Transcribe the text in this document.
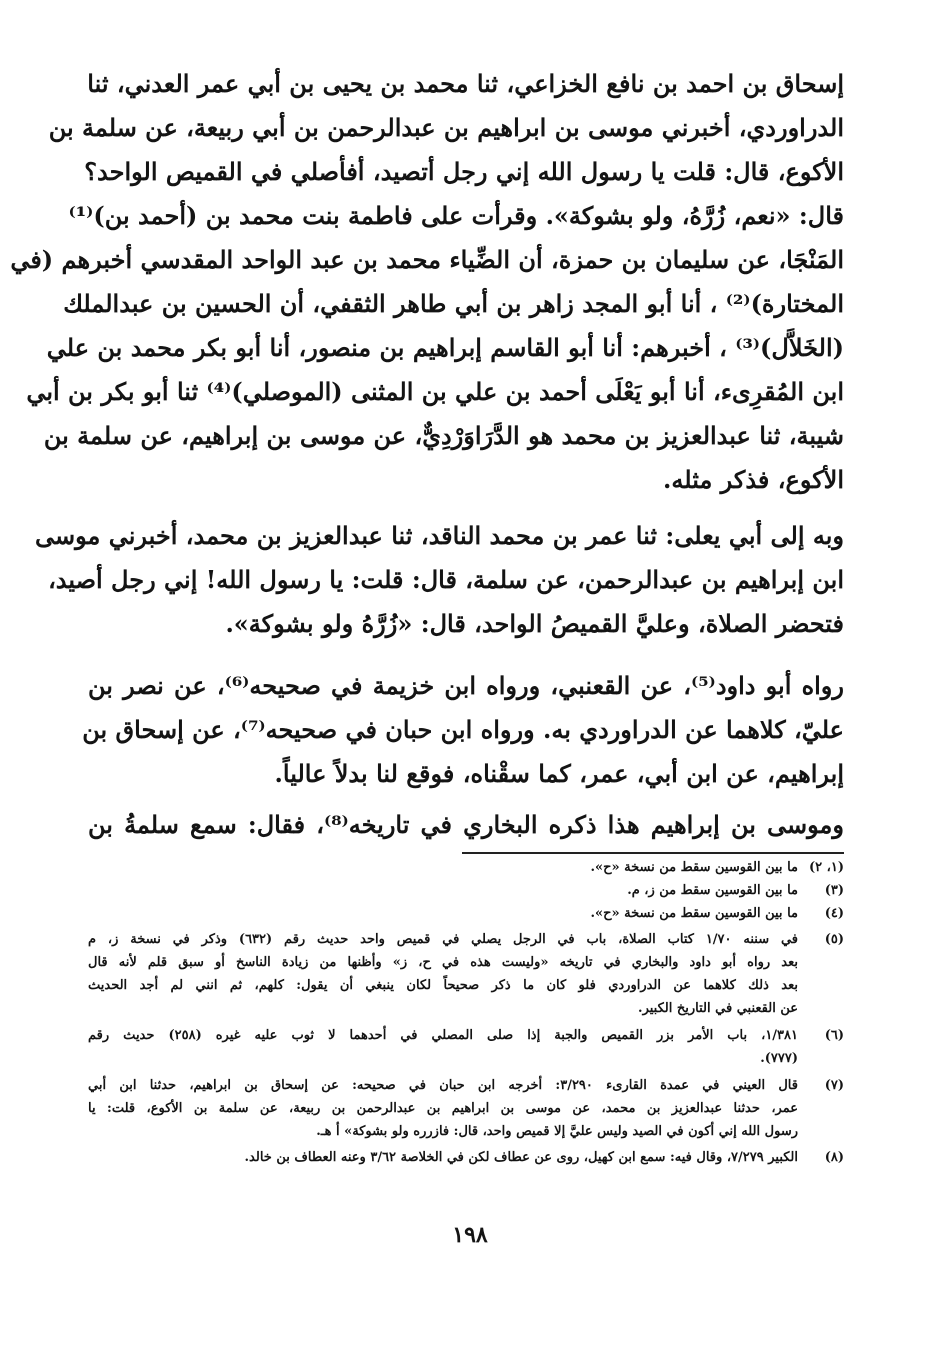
إسحاق بن احمد بن نافع الخزاعي، ثنا محمد بن يحيى بن أبي عمر العدني، ثنا
الدراوردي، أخبرني موسى بن ابراهيم بن عبدالرحمن بن أبي ربيعة، عن سلمة بن
الأكوع، قال: قلت يا رسول الله إني رجل أتصيد، أفأصلي في القميص الواحد؟
قال: «نعم، زُرَّهُ، ولو بشوكة». وقرأت على فاطمة بنت محمد بن (أحمد بن)⁽¹⁾
المَنْجَا، عن سليمان بن حمزة، أن الضِّياء محمد بن عبد الواحد المقدسي أخبرهم (في
المختارة)⁽²⁾ ، أنا أبو المجد زاهر بن أبي طاهر الثقفي، أن الحسين بن عبدالملك
(الخَلاَّل)⁽³⁾ ، أخبرهم: أنا أبو القاسم إبراهيم بن منصور، أنا أبو بكر محمد بن علي
ابن المُقرِىء، أنا أبو يَعْلَى أحمد بن علي بن المثنى (الموصلي)⁽⁴⁾ ثنا أبو بكر بن أبي
شيبة، ثنا عبدالعزيز بن محمد هو الدَّرَاوَرْدِيٌّ، عن موسى بن إبراهيم، عن سلمة بن
الأكوع، فذكر مثله.
وبه إلى أبي يعلى: ثنا عمر بن محمد الناقد، ثنا عبدالعزيز بن محمد، أخبرني موسى
ابن إبراهيم بن عبدالرحمن، عن سلمة، قال: قلت: يا رسول الله! إني رجل أصيد،
فتحضر الصلاة، وعليَّ القميصُ الواحد، قال: «زُرَّهُ ولو بشوكة».
رواه أبو داود⁽⁵⁾، عن القعنبي، ورواه ابن خزيمة في صحيحه⁽⁶⁾، عن نصر بن
عليّ، كلاهما عن الدراوردي به. ورواه ابن حبان في صحيحه⁽⁷⁾، عن إسحاق بن
إبراهيم، عن ابن أبي، عمر، كما سقْناه، فوقع لنا بدلاً عالياً.
وموسى بن إبراهيم هذا ذكره البخاري في تاريخه⁽⁸⁾، فقال: سمع سلمةُ بن
(١، ٢)
ما بين القوسين سقط من نسخة «ح».
(٣)
ما بين القوسين سقط من ز، م.
(٤)
ما بين القوسين سقط من نسخة «ح».
(٥)
في سننه ١/٧٠ كتاب الصلاة، باب في الرجل يصلي في قميص واحد حديث رقم (٦٣٢) وذكر في نسخة ز، م
بعد رواه أبو داود والبخاري في تاريخه «وليست هذه في ح، ز» وأظنها من زيادة الناسخ أو سبق قلم لأنه قال
بعد ذلك كلاهما عن الدراوردي فلو كان ما ذكر صحيحاً لكان ينبغي أن يقول: كلهم، ثم انني لم أجد الحديث
عن القعنبي في التاريخ الكبير.
(٦)
١/٣٨١، باب الأمر بزر القميص والجبة إذا صلى المصلي في أحدهما لا ثوب عليه غيره (٢٥٨) حديث رقم
(٧٧٧).
(٧)
قال العيني في عمدة القارىء ٣/٢٩٠: أخرجه ابن حبان في صحيحه: عن إسحاق بن ابراهيم، حدثنا ابن أبي
عمر، حدثنا عبدالعزيز بن محمد، عن موسى بن ابراهيم بن عبدالرحمن بن ربيعة، عن سلمة بن الأكوع، قلت: يا
رسول الله إني أكون في الصيد وليس عليَّ إلا قميص واحد، قال: فازرره ولو بشوكة» أ هـ.
(٨)
الكبير ٧/٢٧٩، وقال فيه: سمع ابن كهيل، روى عن عطاف لكن في الخلاصة ٣/٦٢ وعنه العطاف بن خالد.
١٩٨
